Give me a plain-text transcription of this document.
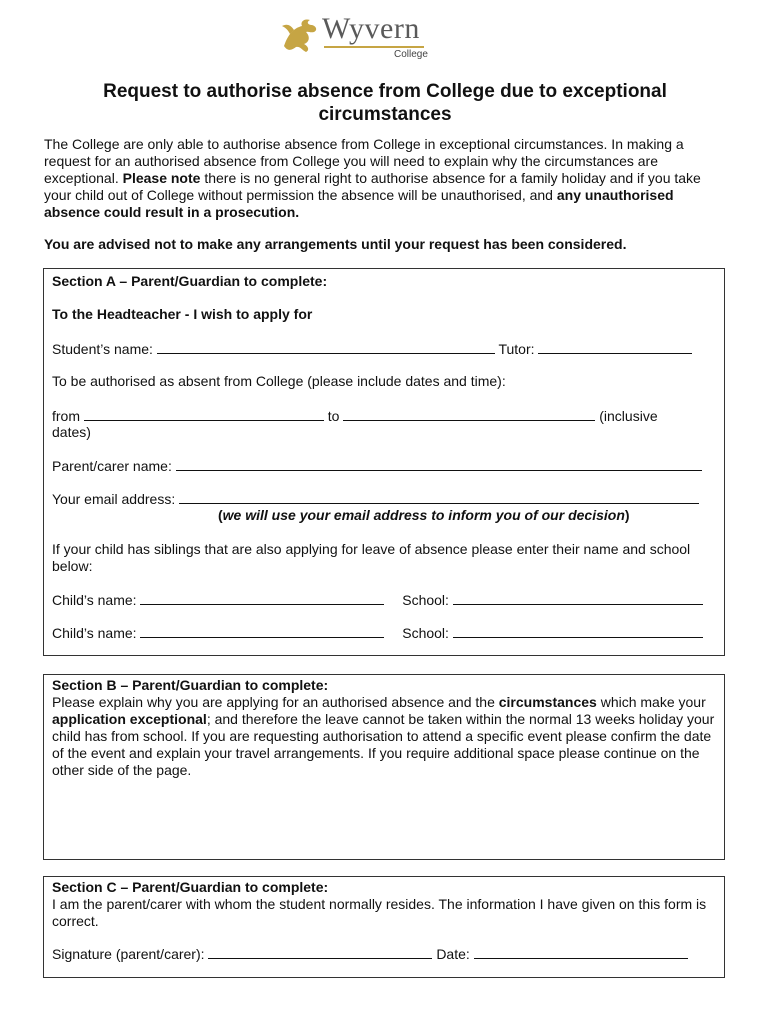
Wyvern
College
Request to authorise absence from College due to exceptional circumstances

The College are only able to authorise absence from College in exceptional circumstances. In making a request for an authorised absence from College you will need to explain why the circumstances are exceptional. Please note there is no general right to authorise absence for a family holiday and if you take your child out of College without permission the absence will be unauthorised, and any unauthorised absence could result in a prosecution.

You are advised not to make any arrangements until your request has been considered.

Section A – Parent/Guardian to complete:

To the Headteacher - I wish to apply for

Student’s name:	Tutor:

To be authorised as absent from College (please include dates and time):

from	to	(inclusive

dates)

Parent/carer name:

Your email address:

(we will use your email address to inform you of our decision)

If your child has siblings that are also applying for leave of absence please enter their name and school below:

Child’s name:	School:

Child’s name:	School:

Section B – Parent/Guardian to complete:

Please explain why you are applying for an authorised absence and the circumstances which make your application exceptional; and therefore the leave cannot be taken within the normal 13 weeks holiday your child has from school. If you are requesting authorisation to attend a specific event please confirm the date of the event and explain your travel arrangements. If you require additional space please continue on the other side of the page.

Section C – Parent/Guardian to complete:

I am the parent/carer with whom the student normally resides. The information I have given on this form is correct.

Signature (parent/carer):	Date:
